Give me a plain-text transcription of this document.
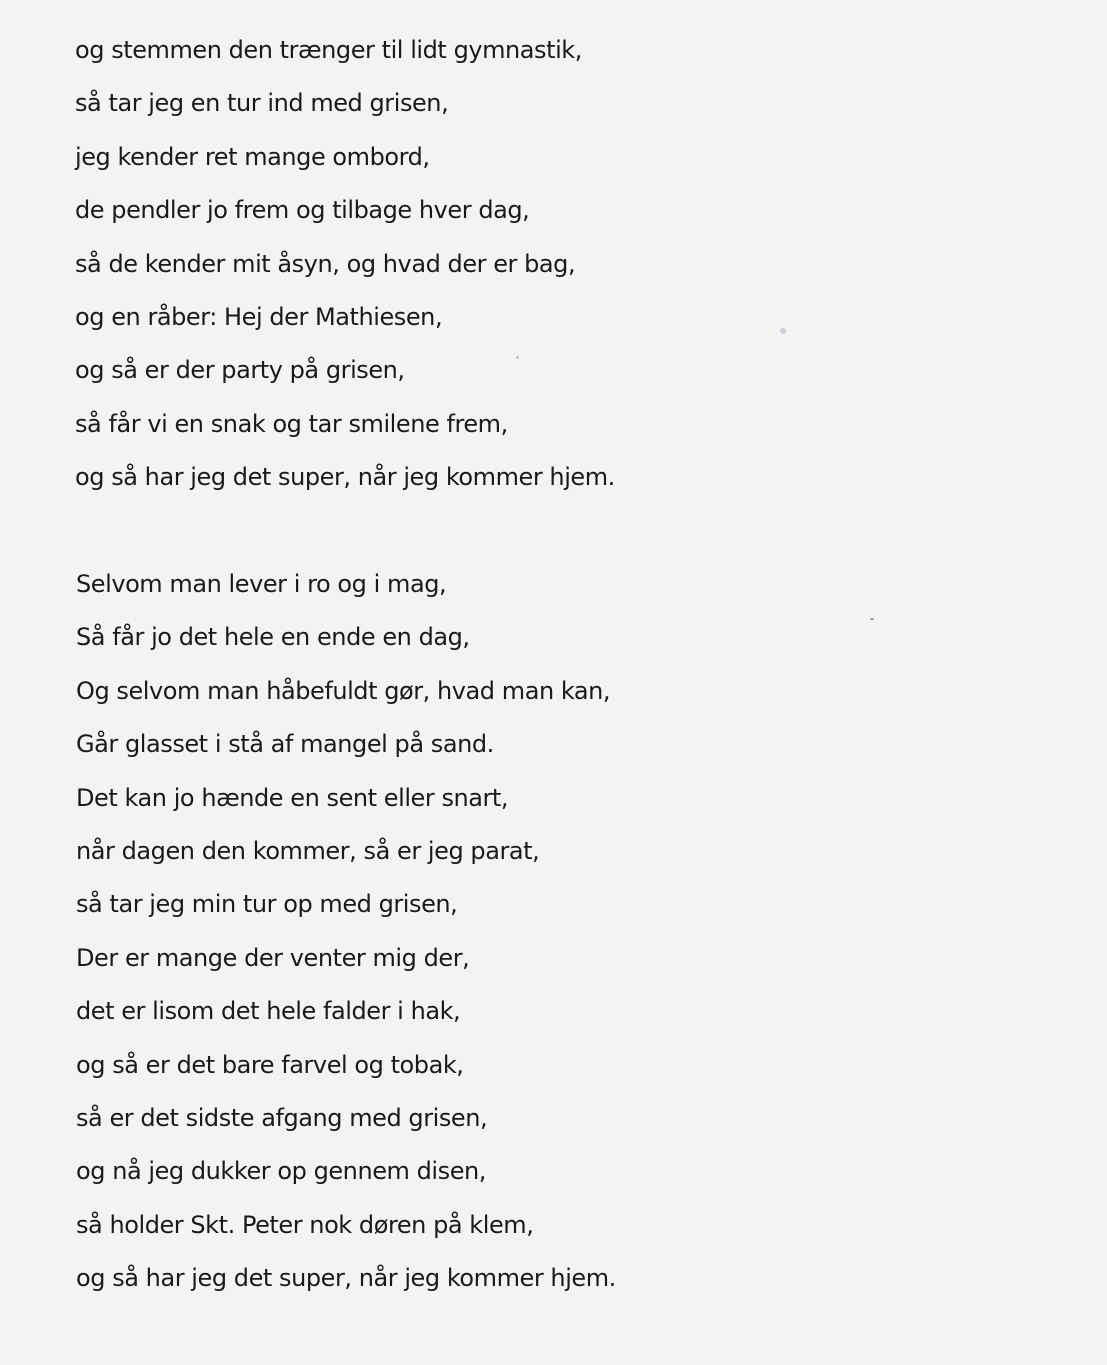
og stemmen den trænger til lidt gymnastik,
så tar jeg en tur ind med grisen,
jeg kender ret mange ombord,
de pendler jo frem og tilbage hver dag,
så de kender mit åsyn, og hvad der er bag,
og en råber: Hej der Mathiesen,
og så er der party på grisen,
så får vi en snak og tar smilene frem,
og så har jeg det super, når jeg kommer hjem.
Selvom man lever i ro og i mag,
Så får jo det hele en ende en dag,
Og selvom man håbefuldt gør, hvad man kan,
Går glasset i stå af mangel på sand.
Det kan jo hænde en sent eller snart,
når dagen den kommer, så er jeg parat,
så tar jeg min tur op med grisen,
Der er mange der venter mig der,
det er lisom det hele falder i hak,
og så er det bare farvel og tobak,
så er det sidste afgang med grisen,
og nå jeg dukker op gennem disen,
så holder Skt. Peter nok døren på klem,
og så har jeg det super, når jeg kommer hjem.
